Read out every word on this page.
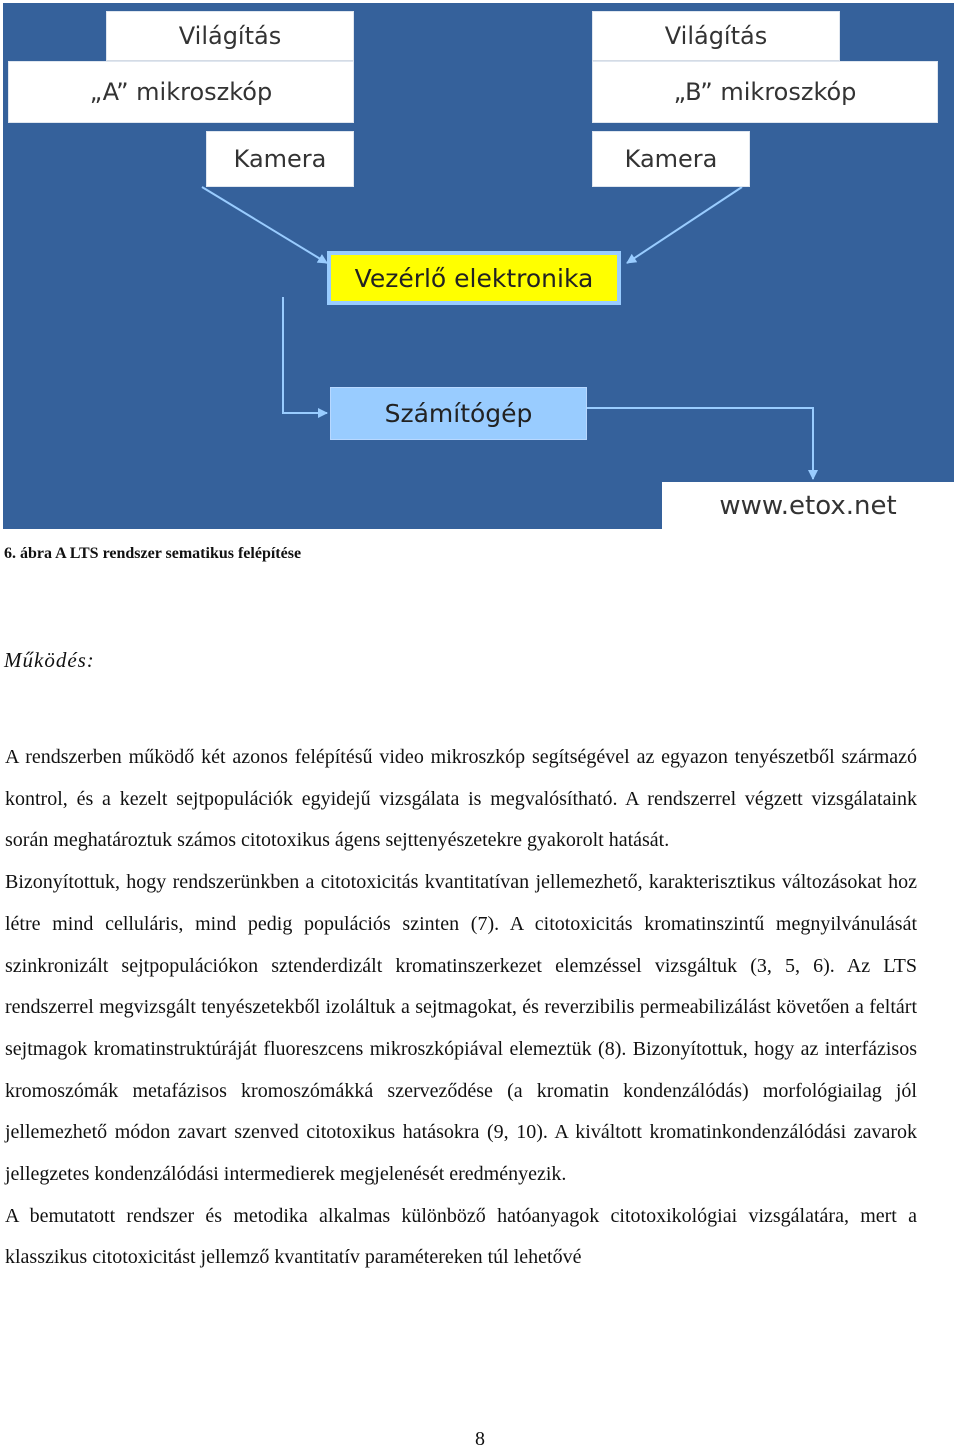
Világítás
„A” mikroszkóp
Kamera
Világítás
„B” mikroszkóp
Kamera
Vezérlő elektronika
Számítógép
www.etox.net
6. ábra A LTS rendszer sematikus felépítése
Működés:

A rendszerben működő két azonos felépítésű video mikroszkóp segítségével az egyazon tenyészetből származó kontrol, és a kezelt sejtpopulációk egyidejű vizsgálata is megvalósítható. A rendszerrel végzett vizsgálataink során meghatároztuk számos citotoxikus ágens sejttenyészetekre gyakorolt hatását.

Bizonyítottuk, hogy rendszerünkben a citotoxicitás kvantitatívan jellemezhető, karakterisztikus változásokat hoz létre mind celluláris, mind pedig populációs szinten (7). A citotoxicitás kromatinszintű megnyilvánulását szinkronizált sejtpopulációkon sztenderdizált kromatinszerkezet elemzéssel vizsgáltuk (3, 5, 6). Az LTS rendszerrel megvizsgált tenyészetekből izoláltuk a sejtmagokat, és reverzibilis permeabilizálást követően a feltárt sejtmagok kromatinstruktúráját fluoreszcens mikroszkópiával elemeztük (8). Bizonyítottuk, hogy az interfázisos kromoszómák metafázisos kromoszómákká szerveződése (a kromatin kondenzálódás) morfológiailag jól jellemezhető módon zavart szenved citotoxikus hatásokra (9, 10). A kiváltott kromatinkondenzálódási zavarok jellegzetes kondenzálódási intermedierek megjelenését eredményezik.

A bemutatott rendszer és metodika alkalmas különböző hatóanyagok citotoxikológiai vizsgálatára, mert a klasszikus citotoxicitást jellemző kvantitatív paramétereken túl lehetővé

8
